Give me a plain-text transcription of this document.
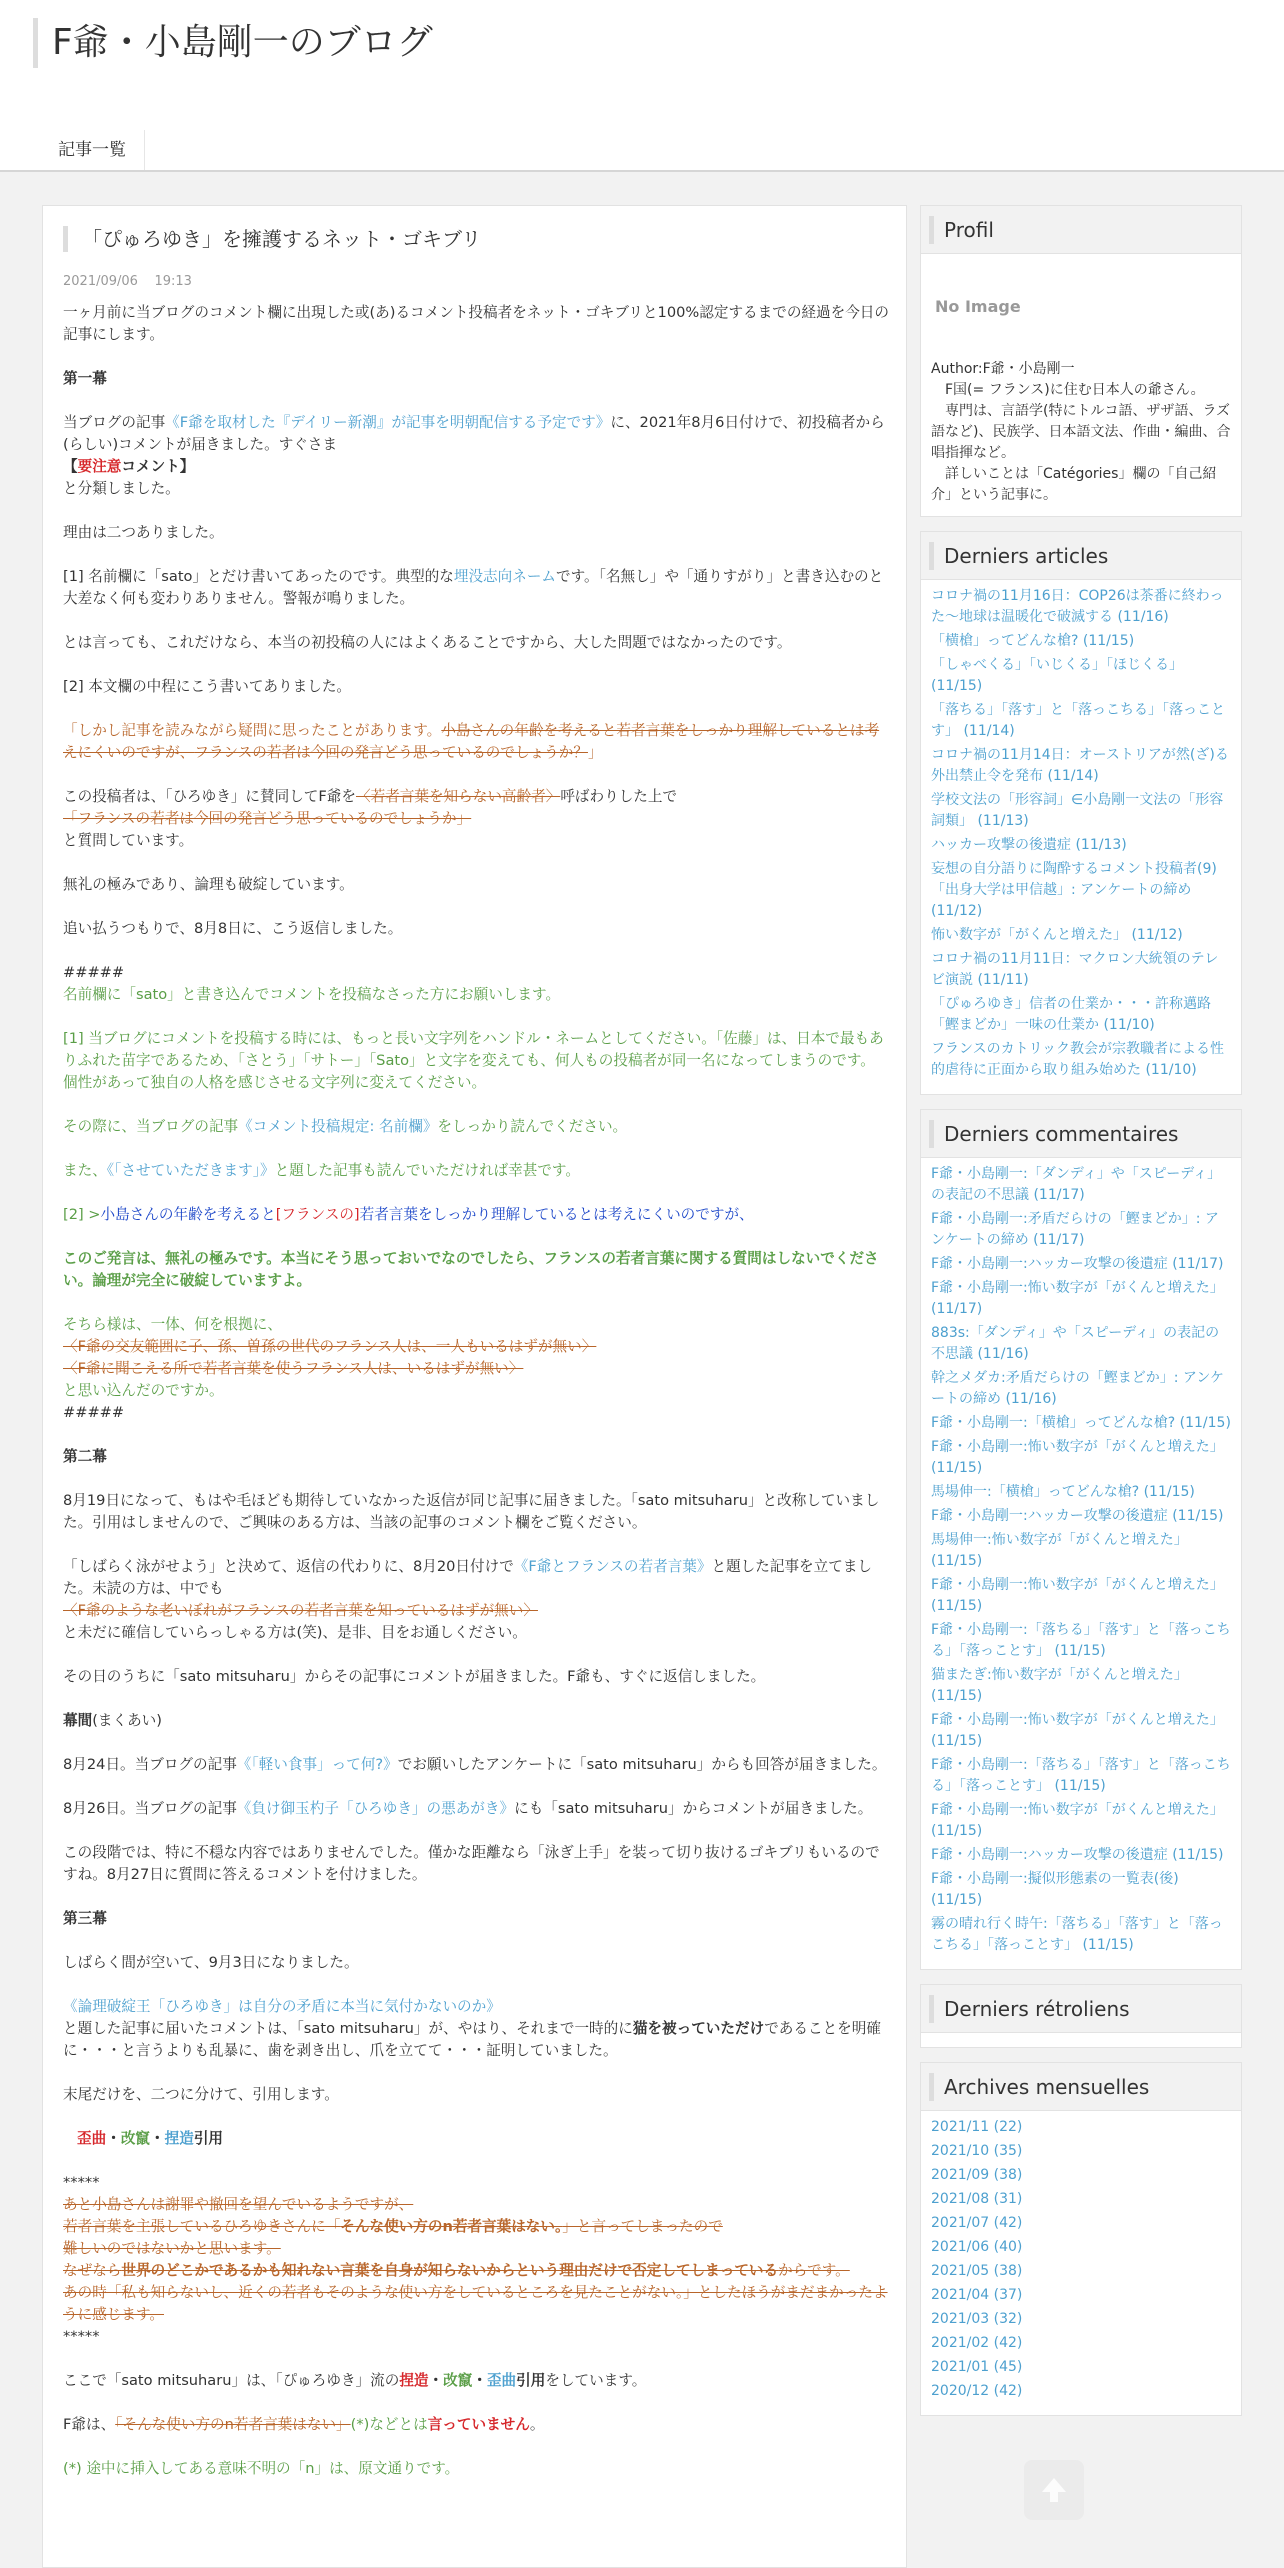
F爺・小島剛一のブログ
記事一覧
「ぴゅろゆき」を擁護するネット・ゴキブリ
2021/09/06 19:13

一ヶ月前に当ブログのコメント欄に出現した或(あ)るコメント投稿者をネット・ゴキブリと100%認定するまでの経過を今日の記事にします。

第一幕

当ブログの記事《F爺を取材した『デイリー新潮』が記事を明朝配信する予定です》に、2021年8月6日付けで、初投稿者から(らしい)コメントが届きました。すぐさま
【要注意コメント】
と分類しました。

理由は二つありました。

[1] 名前欄に「sato」とだけ書いてあったのです。典型的な埋没志向ネームです。「名無し」や「通りすがり」と書き込むのと大差なく何も変わりありません。警報が鳴りました。

とは言っても、これだけなら、本当の初投稿の人にはよくあることですから、大した問題ではなかったのです。

[2] 本文欄の中程にこう書いてありました。

「しかし記事を読みながら疑問に思ったことがあります。小島さんの年齢を考えると若者言葉をしっかり理解しているとは考えにくいのですが、フランスの若者は今回の発言どう思っているのでしょうか？」

この投稿者は、「ひろゆき」に賛同してF爺を〈若者言葉を知らない高齢者〉呼ばわりした上で
「フランスの若者は今回の発言どう思っているのでしょうか」
と質問しています。

無礼の極みであり、論理も破綻しています。

追い払うつもりで、8月8日に、こう返信しました。

#####

名前欄に「sato」と書き込んでコメントを投稿なさった方にお願いします。

[1] 当ブログにコメントを投稿する時には、もっと長い文字列をハンドル・ネームとしてください。「佐藤」は、日本で最もありふれた苗字であるため、「さとう」「サトー」「Sato」と文字を変えても、何人もの投稿者が同一名になってしまうのです。個性があって独自の人格を感じさせる文字列に変えてください。

その際に、当ブログの記事《コメント投稿規定: 名前欄》をしっかり読んでください。

また、《「させていただきます」》と題した記事も読んでいただければ幸甚です。

[2] >小島さんの年齢を考えると[フランスの]若者言葉をしっかり理解しているとは考えにくいのですが、

このご発言は、無礼の極みです。本当にそう思っておいでなのでしたら、フランスの若者言葉に関する質問はしないでください。論理が完全に破綻していますよ。

そちら様は、一体、何を根拠に、

〈F爺の交友範囲に子、孫、曽孫の世代のフランス人は、一人もいるはずが無い〉

〈F爺に聞こえる所で若者言葉を使うフランス人は、いるはずが無い〉

と思い込んだのですか。

#####

第二幕

8月19日になって、もはや毛ほども期待していなかった返信が同じ記事に届きました。「sato mitsuharu」と改称していました。引用はしませんので、ご興味のある方は、当該の記事のコメント欄をご覧ください。

「しばらく泳がせよう」と決めて、返信の代わりに、8月20日付けで《F爺とフランスの若者言葉》と題した記事を立てました。未読の方は、中でも
〈F爺のような老いぼれがフランスの若者言葉を知っているはずが無い〉
と未だに確信していらっしゃる方は(笑)、是非、目をお通しください。

その日のうちに「sato mitsuharu」からその記事にコメントが届きました。F爺も、すぐに返信しました。

幕間(まくあい)

8月24日。当ブログの記事《「軽い食事」って何?》でお願いしたアンケートに「sato mitsuharu」からも回答が届きました。

8月26日。当ブログの記事《負け御玉杓子「ひろゆき」の悪あがき》にも「sato mitsuharu」からコメントが届きました。

この段階では、特に不穏な内容ではありませんでした。僅かな距離なら「泳ぎ上手」を装って切り抜けるゴキブリもいるのですね。8月27日に質問に答えるコメントを付けました。

第三幕

しばらく間が空いて、9月3日になりました。

《論理破綻王「ひろゆき」は自分の矛盾に本当に気付かないのか》
と題した記事に届いたコメントは、「sato mitsuharu」が、やはり、それまで一時的に猫を被っていただけであることを明確に・・・と言うよりも乱暴に、歯を剥き出し、爪を立てて・・・証明していました。

末尾だけを、二つに分けて、引用します。

歪曲・改竄・捏造引用

*****

あと小島さんは謝罪や撤回を望んでいるようですが、

若者言葉を主張しているひろゆきさんに「そんな使い方のn若者言葉はない。」と言ってしまったので

難しいのではないかと思います。

なぜなら世界のどこかであるかも知れない言葉を自身が知らないからという理由だけで否定してしまっているからです。

あの時「私も知らないし、近くの若者もそのような使い方をしているところを見たことがない。」としたほうがまだまかったように感じます。

*****

ここで「sato mitsuharu」は、「ぴゅろゆき」流の捏造・改竄・歪曲引用をしています。

F爺は、「そんな使い方のn若者言葉はない」(*)などとは言っていません。

(*) 途中に挿入してある意味不明の「n」は、原文通りです。

Profil
No Image
Author:F爺・小島剛一
　F国(= フランス)に住む日本人の爺さん。
　専門は、言語学(特にトルコ語、ザザ語、ラズ語など)、民族学、日本語文法、作曲・編曲、合唱指揮など。
　詳しいことは「Catégories」欄の「自己紹介」という記事に。
Derniers articles
コロナ禍の11月16日：COP26は茶番に終わった～地球は温暖化で破滅する (11/16)
「横槍」ってどんな槍? (11/15)
「しゃべくる」「いじくる」「ほじくる」 (11/15)
「落ちる」「落す」と「落っこちる」「落っことす」 (11/14)
コロナ禍の11月14日：オーストリアが然(ざ)る外出禁止令を発布 (11/14)
学校文法の「形容詞」∈小島剛一文法の「形容詞類」 (11/13)
ハッカー攻撃の後遺症 (11/13)
妄想の自分語りに陶酔するコメント投稿者(9)「出身大学は甲信越」: アンケートの締め (11/12)
怖い数字が「がくんと増えた」 (11/12)
コロナ禍の11月11日：マクロン大統領のテレビ演説 (11/11)
「ぴゅろゆき」信者の仕業か・・・許称邁路「鰹まどか」一味の仕業か (11/10)
フランスのカトリック教会が宗教職者による性的虐待に正面から取り組み始めた (11/10)
Derniers commentaires
F爺・小島剛一:「ダンディ」や「スピーディ」の表記の不思議 (11/17)
F爺・小島剛一:矛盾だらけの「鰹まどか」: アンケートの締め (11/17)
F爺・小島剛一:ハッカー攻撃の後遺症 (11/17)
F爺・小島剛一:怖い数字が「がくんと増えた」 (11/17)
883s:「ダンディ」や「スピーディ」の表記の不思議 (11/16)
幹之メダカ:矛盾だらけの「鰹まどか」: アンケートの締め (11/16)
F爺・小島剛一:「横槍」ってどんな槍? (11/15)
F爺・小島剛一:怖い数字が「がくんと増えた」 (11/15)
馬場伸一:「横槍」ってどんな槍? (11/15)
F爺・小島剛一:ハッカー攻撃の後遺症 (11/15)
馬場伸一:怖い数字が「がくんと増えた」 (11/15)
F爺・小島剛一:怖い数字が「がくんと増えた」 (11/15)
F爺・小島剛一:「落ちる」「落す」と「落っこちる」「落っことす」 (11/15)
猫またぎ:怖い数字が「がくんと増えた」 (11/15)
F爺・小島剛一:怖い数字が「がくんと増えた」 (11/15)
F爺・小島剛一:「落ちる」「落す」と「落っこちる」「落っことす」 (11/15)
F爺・小島剛一:怖い数字が「がくんと増えた」 (11/15)
F爺・小島剛一:ハッカー攻撃の後遺症 (11/15)
F爺・小島剛一:擬似形態素の一覧表(後) (11/15)
霧の晴れ行く時午:「落ちる」「落す」と「落っこちる」「落っことす」 (11/15)
Derniers rétroliens
Archives mensuelles
2021/11 (22)
2021/10 (35)
2021/09 (38)
2021/08 (31)
2021/07 (42)
2021/06 (40)
2021/05 (38)
2021/04 (37)
2021/03 (32)
2021/02 (42)
2021/01 (45)
2020/12 (42)
